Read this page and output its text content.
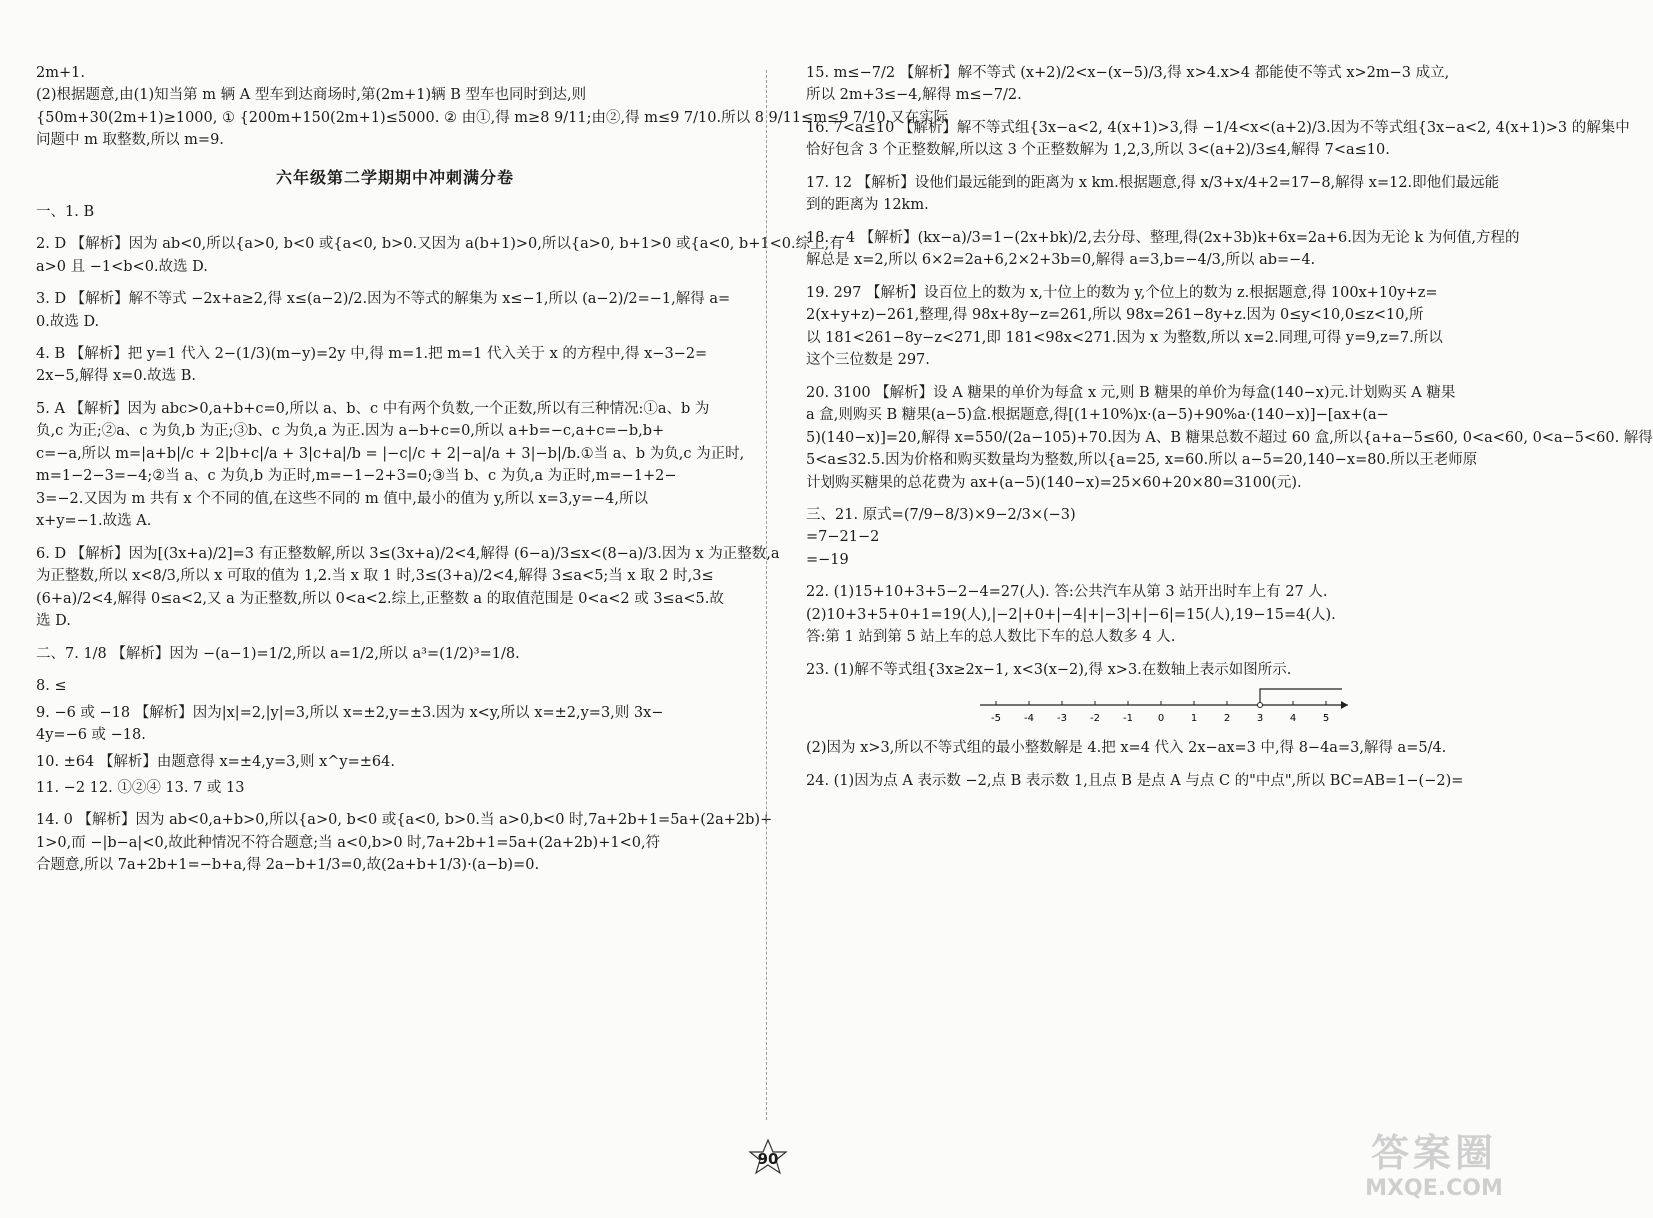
2m+1.
(2)根据题意,由(1)知当第 m 辆 A 型车到达商场时,第(2m+1)辆 B 型车也同时到达,则
{50m+30(2m+1)≥1000, ① {200m+150(2m+1)≤5000. ② 由①,得 m≥8 9/11;由②,得 m≤9 7/10.所以 8 9/11≤m≤9 7/10.又在实际
问题中 m 取整数,所以 m=9.
六年级第二学期期中冲刺满分卷
一、1. B
2. D 【解析】因为 ab<0,所以{a>0, b<0 或{a<0, b>0.又因为 a(b+1)>0,所以{a>0, b+1>0 或{a<0, b+1<0.综上,有
a>0 且 −1<b<0.故选 D.
3. D 【解析】解不等式 −2x+a≥2,得 x≤(a−2)/2.因为不等式的解集为 x≤−1,所以 (a−2)/2=−1,解得 a=
0.故选 D.
4. B 【解析】把 y=1 代入 2−(1/3)(m−y)=2y 中,得 m=1.把 m=1 代入关于 x 的方程中,得 x−3−2=
2x−5,解得 x=0.故选 B.
5. A 【解析】因为 abc>0,a+b+c=0,所以 a、b、c 中有两个负数,一个正数,所以有三种情况:①a、b 为
负,c 为正;②a、c 为负,b 为正;③b、c 为负,a 为正.因为 a−b+c=0,所以 a+b=−c,a+c=−b,b+
c=−a,所以 m=|a+b|/c + 2|b+c|/a + 3|c+a|/b = |−c|/c + 2|−a|/a + 3|−b|/b.①当 a、b 为负,c 为正时,
m=1−2−3=−4;②当 a、c 为负,b 为正时,m=−1−2+3=0;③当 b、c 为负,a 为正时,m=−1+2−
3=−2.又因为 m 共有 x 个不同的值,在这些不同的 m 值中,最小的值为 y,所以 x=3,y=−4,所以
x+y=−1.故选 A.
6. D 【解析】因为[(3x+a)/2]=3 有正整数解,所以 3≤(3x+a)/2<4,解得 (6−a)/3≤x<(8−a)/3.因为 x 为正整数,a
为正整数,所以 x<8/3,所以 x 可取的值为 1,2.当 x 取 1 时,3≤(3+a)/2<4,解得 3≤a<5;当 x 取 2 时,3≤
(6+a)/2<4,解得 0≤a<2,又 a 为正整数,所以 0<a<2.综上,正整数 a 的取值范围是 0<a<2 或 3≤a<5.故
选 D.
二、7. 1/8 【解析】因为 −(a−1)=1/2,所以 a=1/2,所以 a³=(1/2)³=1/8.
8. ≤
9. −6 或 −18 【解析】因为|x|=2,|y|=3,所以 x=±2,y=±3.因为 x<y,所以 x=±2,y=3,则 3x−
4y=−6 或 −18.
10. ±64 【解析】由题意得 x=±4,y=3,则 x^y=±64.
11. −2 12. ①②④ 13. 7 或 13
14. 0 【解析】因为 ab<0,a+b>0,所以{a>0, b<0 或{a<0, b>0.当 a>0,b<0 时,7a+2b+1=5a+(2a+2b)+
1>0,而 −|b−a|<0,故此种情况不符合题意;当 a<0,b>0 时,7a+2b+1=5a+(2a+2b)+1<0,符
合题意,所以 7a+2b+1=−b+a,得 2a−b+1/3=0,故(2a+b+1/3)·(a−b)=0.
15. m≤−7/2 【解析】解不等式 (x+2)/2<x−(x−5)/3,得 x>4.x>4 都能使不等式 x>2m−3 成立,
所以 2m+3≤−4,解得 m≤−7/2.
16. 7<a≤10 【解析】解不等式组{3x−a<2, 4(x+1)>3,得 −1/4<x<(a+2)/3.因为不等式组{3x−a<2, 4(x+1)>3 的解集中
恰好包含 3 个正整数解,所以这 3 个正整数解为 1,2,3,所以 3<(a+2)/3≤4,解得 7<a≤10.
17. 12 【解析】设他们最远能到的距离为 x km.根据题意,得 x/3+x/4+2=17−8,解得 x=12.即他们最远能
到的距离为 12km.
18. −4 【解析】(kx−a)/3=1−(2x+bk)/2,去分母、整理,得(2x+3b)k+6x=2a+6.因为无论 k 为何值,方程的
解总是 x=2,所以 6×2=2a+6,2×2+3b=0,解得 a=3,b=−4/3,所以 ab=−4.
19. 297 【解析】设百位上的数为 x,十位上的数为 y,个位上的数为 z.根据题意,得 100x+10y+z=
2(x+y+z)−261,整理,得 98x+8y−z=261,所以 98x=261−8y+z.因为 0≤y<10,0≤z<10,所
以 181<261−8y−z<271,即 181<98x<271.因为 x 为整数,所以 x=2.同理,可得 y=9,z=7.所以
这个三位数是 297.
20. 3100 【解析】设 A 糖果的单价为每盒 x 元,则 B 糖果的单价为每盒(140−x)元.计划购买 A 糖果
a 盒,则购买 B 糖果(a−5)盒.根据题意,得[(1+10%)x·(a−5)+90%a·(140−x)]−[ax+(a−
5)(140−x)]=20,解得 x=550/(2a−105)+70.因为 A、B 糖果总数不超过 60 盒,所以{a+a−5≤60, 0<a<60, 0<a−5<60. 解得
5<a≤32.5.因为价格和购买数量均为整数,所以{a=25, x=60.所以 a−5=20,140−x=80.所以王老师原
计划购买糖果的总花费为 ax+(a−5)(140−x)=25×60+20×80=3100(元).
三、21. 原式=(7/9−8/3)×9−2/3×(−3)
=7−21−2
=−19
22. (1)15+10+3+5−2−4=27(人). 答:公共汽车从第 3 站开出时车上有 27 人.
(2)10+3+5+0+1=19(人),|−2|+0+|−4|+|−3|+|−6|=15(人),19−15=4(人).
答:第 1 站到第 5 站上车的总人数比下车的总人数多 4 人.
23. (1)解不等式组{3x≥2x−1, x<3(x−2),得 x>3.在数轴上表示如图所示.
-5 -4 -3 -2 -1 0	1	2	3	4	5
(2)因为 x>3,所以不等式组的最小整数解是 4.把 x=4 代入 2x−ax=3 中,得 8−4a=3,解得 a=5/4.
24. (1)因为点 A 表示数 −2,点 B 表示数 1,且点 B 是点 A 与点 C 的"中点",所以 BC=AB=1−(−2)=
90	答案圈
MXQE.COM
